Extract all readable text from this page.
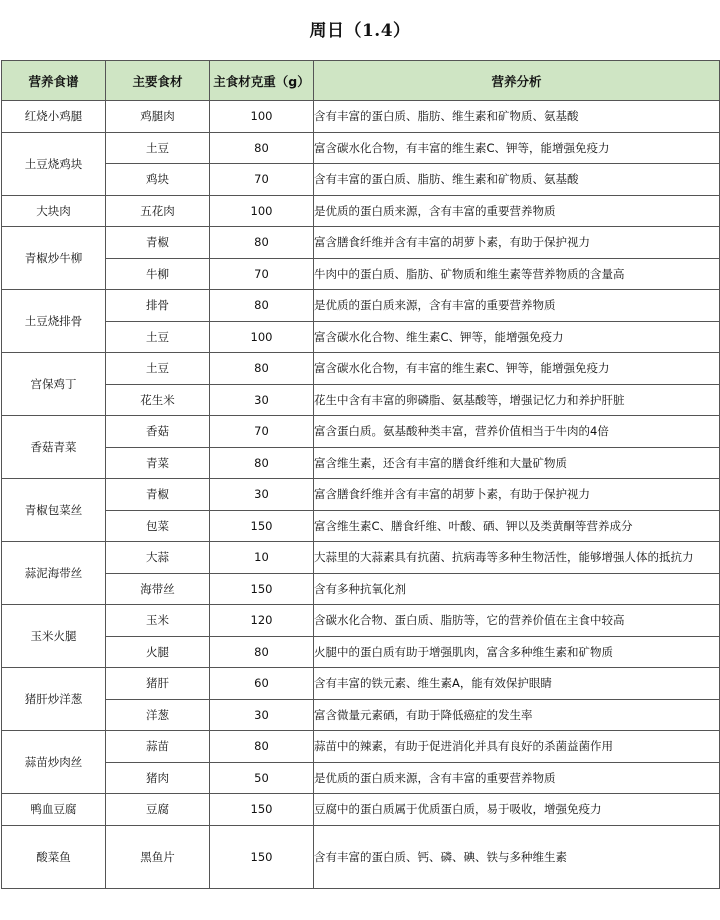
周日（1.4）
营养食谱	主要食材	主食材克重（g）	营养分析
红烧小鸡腿	鸡腿肉	100	含有丰富的蛋白质、脂肪、维生素和矿物质、氨基酸
土豆烧鸡块	土豆	80	富含碳水化合物，有丰富的维生素C、钾等，能增强免疫力
	鸡块	70	含有丰富的蛋白质、脂肪、维生素和矿物质、氨基酸
大块肉	五花肉	100	是优质的蛋白质来源，含有丰富的重要营养物质
青椒炒牛柳	青椒	80	富含膳食纤维并含有丰富的胡萝卜素，有助于保护视力
	牛柳	70	牛肉中的蛋白质、脂肪、矿物质和维生素等营养物质的含量高
土豆烧排骨	排骨	80	是优质的蛋白质来源，含有丰富的重要营养物质
	土豆	100	富含碳水化合物、维生素C、钾等，能增强免疫力
宫保鸡丁	土豆	80	富含碳水化合物，有丰富的维生素C、钾等，能增强免疫力
	花生米	30	花生中含有丰富的卵磷脂、氨基酸等，增强记忆力和养护肝脏
香菇青菜	香菇	70	富含蛋白质。氨基酸种类丰富，营养价值相当于牛肉的4倍
	青菜	80	富含维生素，还含有丰富的膳食纤维和大量矿物质
青椒包菜丝	青椒	30	富含膳食纤维并含有丰富的胡萝卜素，有助于保护视力
	包菜	150	富含维生素C、膳食纤维、叶酸、硒、钾以及类黄酮等营养成分
蒜泥海带丝	大蒜	10	大蒜里的大蒜素具有抗菌、抗病毒等多种生物活性，能够增强人体的抵抗力
	海带丝	150	含有多种抗氧化剂
玉米火腿	玉米	120	含碳水化合物、蛋白质、脂肪等，它的营养价值在主食中较高
	火腿	80	火腿中的蛋白质有助于增强肌肉，富含多种维生素和矿物质
猪肝炒洋葱	猪肝	60	含有丰富的铁元素、维生素A，能有效保护眼睛
	洋葱	30	富含微量元素硒，有助于降低癌症的发生率
蒜苗炒肉丝	蒜苗	80	蒜苗中的辣素，有助于促进消化并具有良好的杀菌益菌作用
	猪肉	50	是优质的蛋白质来源，含有丰富的重要营养物质
鸭血豆腐	豆腐	150	豆腐中的蛋白质属于优质蛋白质，易于吸收，增强免疫力
酸菜鱼	黑鱼片	150	含有丰富的蛋白质、钙、磷、碘、铁与多种维生素
